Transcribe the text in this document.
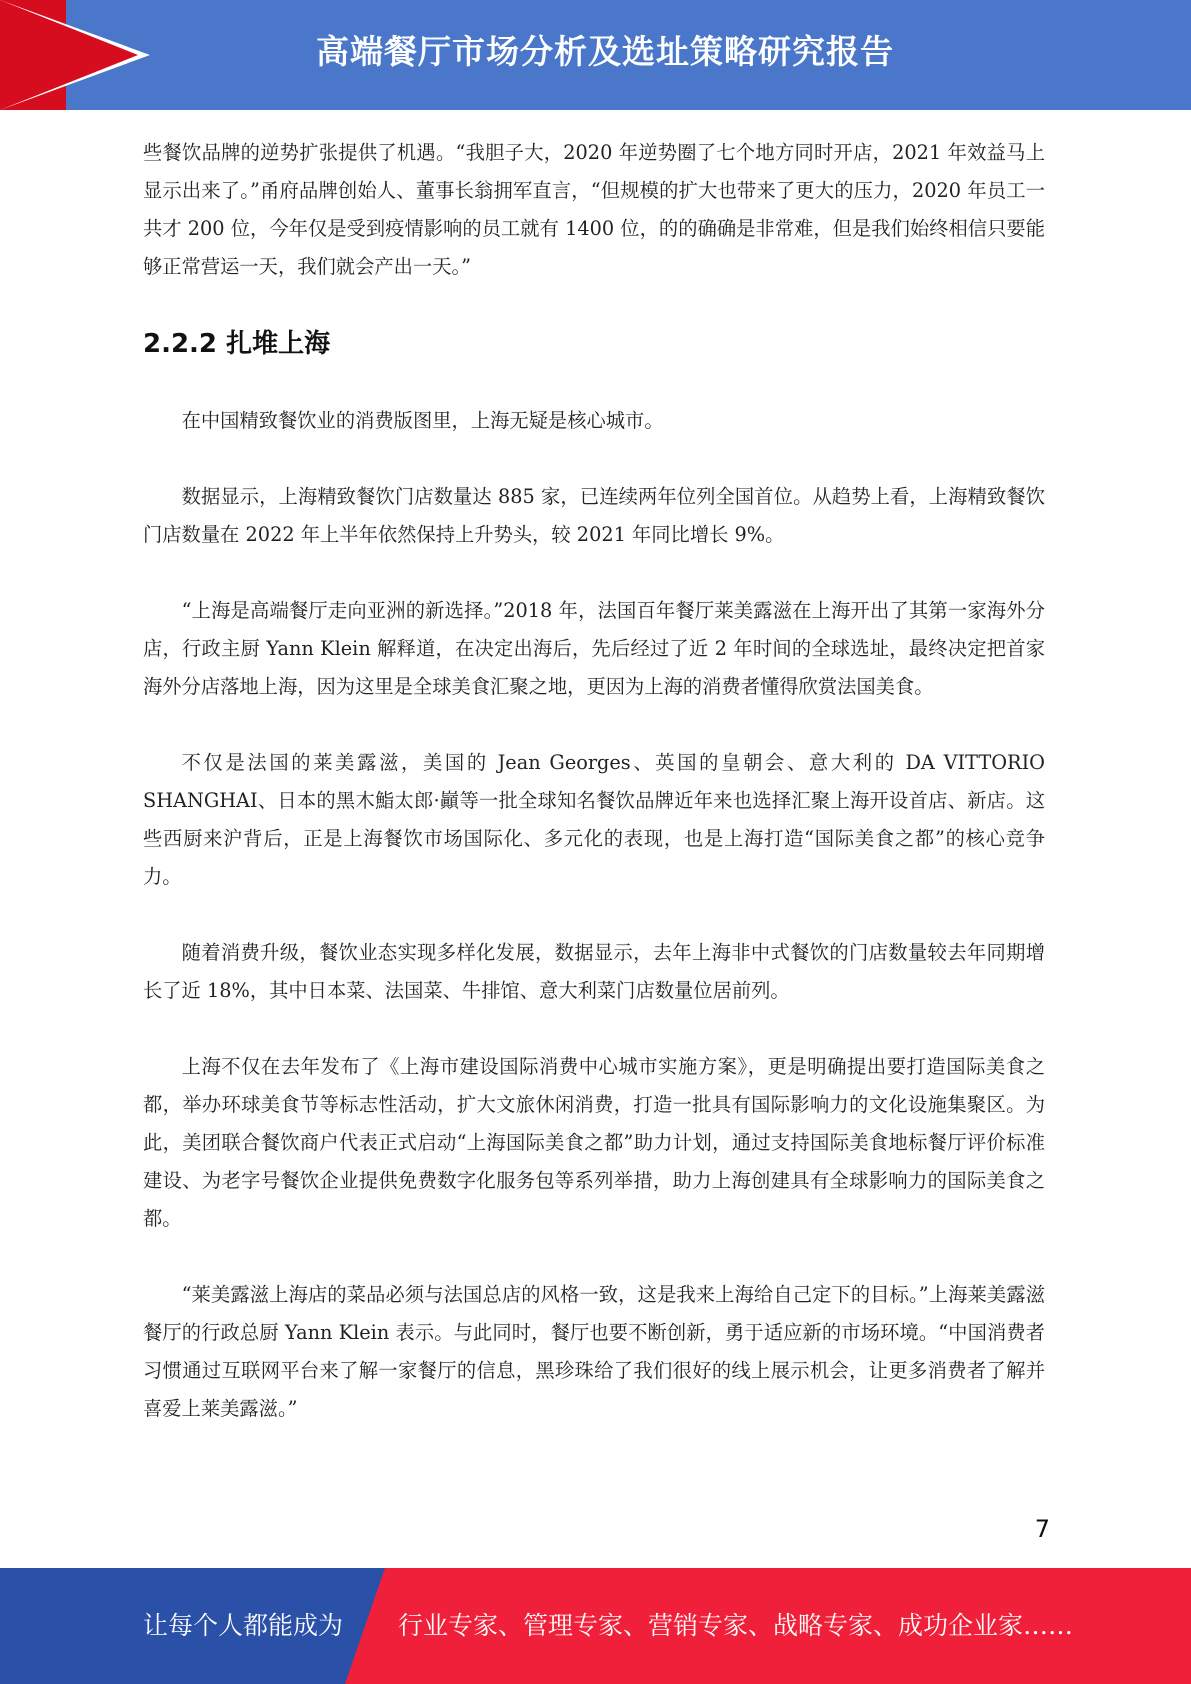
高端餐厅市场分析及选址策略研究报告

些餐饮品牌的逆势扩张提供了机遇。“我胆子大，2020 年逆势圈了七个地方同时开店，2021 年效益马上显示出来了。”甬府品牌创始人、董事长翁拥军直言，“但规模的扩大也带来了更大的压力，2020 年员工一共才 200 位，今年仅是受到疫情影响的员工就有 1400 位，的的确确是非常难，但是我们始终相信只要能够正常营运一天，我们就会产出一天。”

2.2.2 扎堆上海

在中国精致餐饮业的消费版图里，上海无疑是核心城市。

数据显示，上海精致餐饮门店数量达 885 家，已连续两年位列全国首位。从趋势上看，上海精致餐饮门店数量在 2022 年上半年依然保持上升势头，较 2021 年同比增长 9%。

“上海是高端餐厅走向亚洲的新选择。”2018 年，法国百年餐厅莱美露滋在上海开出了其第一家海外分店，行政主厨 Yann Klein 解释道，在决定出海后，先后经过了近 2 年时间的全球选址，最终决定把首家海外分店落地上海，因为这里是全球美食汇聚之地，更因为上海的消费者懂得欣赏法国美食。

不仅是法国的莱美露滋，美国的 Jean Georges、英国的皇朝会、意大利的 DA VITTORIO SHANGHAI、日本的黑木鮨太郎·巓等一批全球知名餐饮品牌近年来也选择汇聚上海开设首店、新店。这些西厨来沪背后，正是上海餐饮市场国际化、多元化的表现，也是上海打造“国际美食之都”的核心竞争力。

随着消费升级，餐饮业态实现多样化发展，数据显示，去年上海非中式餐饮的门店数量较去年同期增长了近 18%，其中日本菜、法国菜、牛排馆、意大利菜门店数量位居前列。

上海不仅在去年发布了《上海市建设国际消费中心城市实施方案》，更是明确提出要打造国际美食之都，举办环球美食节等标志性活动，扩大文旅休闲消费，打造一批具有国际影响力的文化设施集聚区。为此，美团联合餐饮商户代表正式启动“上海国际美食之都”助力计划，通过支持国际美食地标餐厅评价标准建设、为老字号餐饮企业提供免费数字化服务包等系列举措，助力上海创建具有全球影响力的国际美食之都。

“莱美露滋上海店的菜品必须与法国总店的风格一致，这是我来上海给自己定下的目标。”上海莱美露滋餐厅的行政总厨 Yann Klein 表示。与此同时，餐厅也要不断创新，勇于适应新的市场环境。“中国消费者习惯通过互联网平台来了解一家餐厅的信息，黑珍珠给了我们很好的线上展示机会，让更多消费者了解并喜爱上莱美露滋。”

7
让每个人都能成为 行业专家、管理专家、营销专家、战略专家、成功企业家……
